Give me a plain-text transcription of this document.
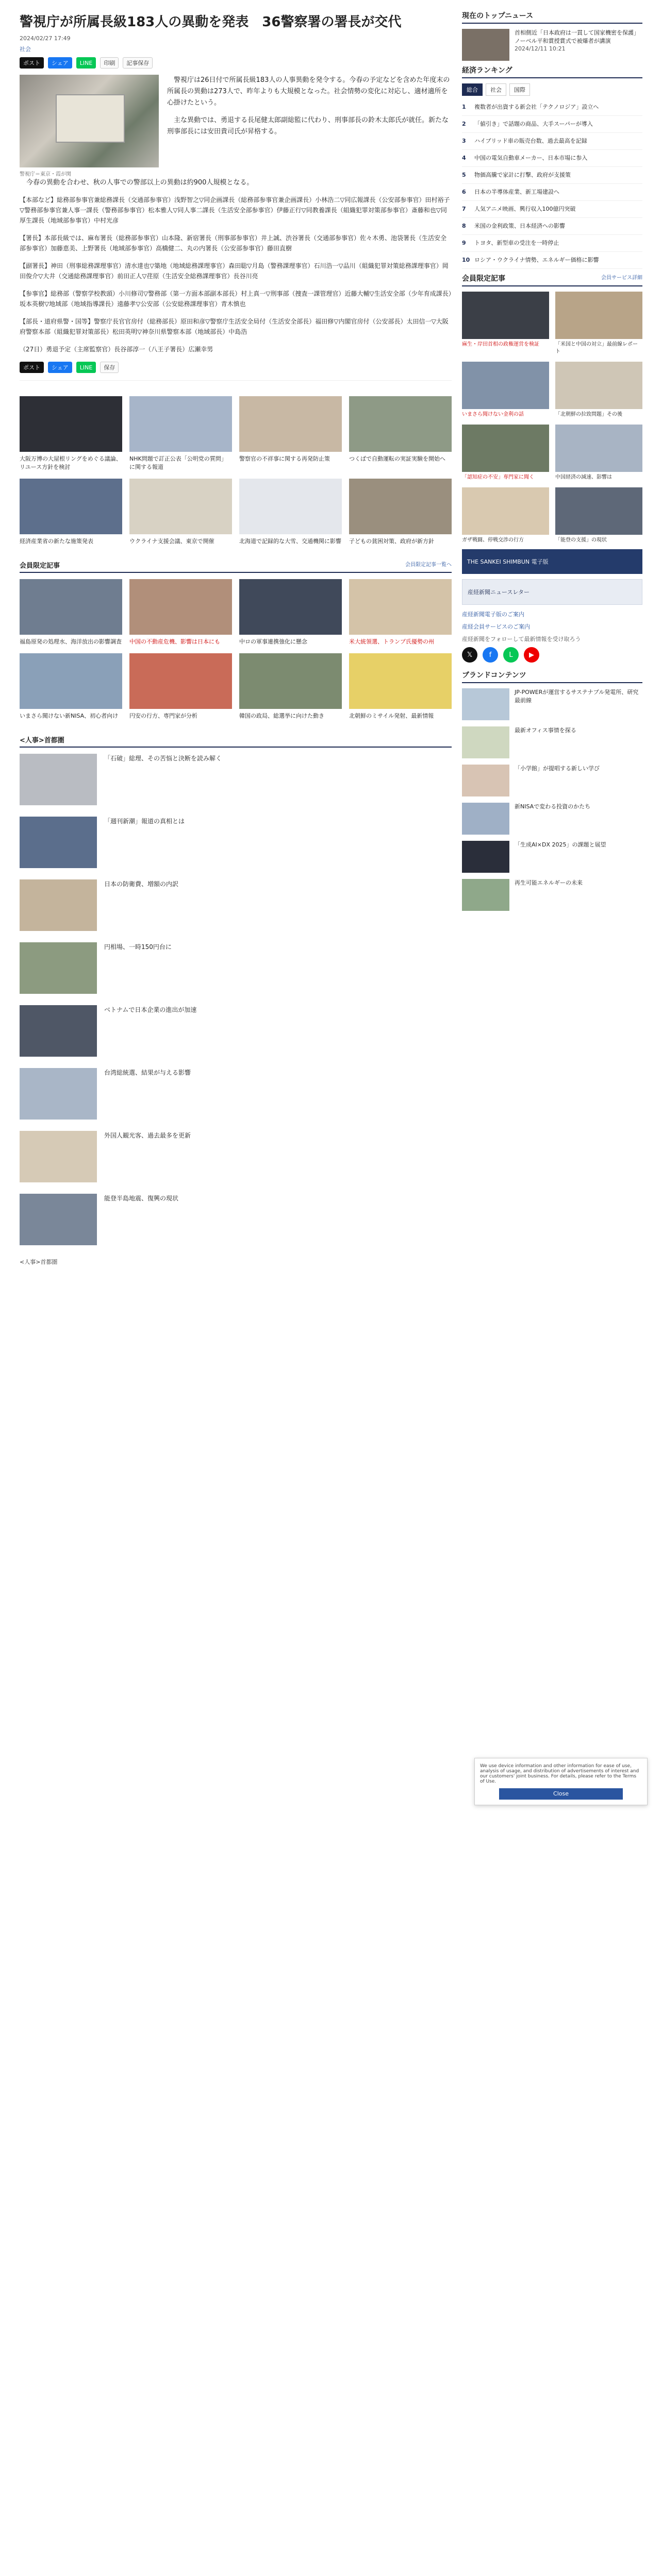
警視庁が所属長級183人の異動を発表　36警察署の署長が交代
2024/02/27 17:49
社会
ポスト	シェア	LINE	印刷	記事保存
警視庁＝東京・霞が関

警視庁は26日付で所属長級183人の人事異動を発令する。今春の予定などを含めた年度末の所属長の異動は273人で、昨年よりも大規模となった。社会情勢の変化に対応し、適材適所を心掛けたという。

主な異動では、勇退する長尾健太郎副総監に代わり、刑事部長の鈴木太郎氏が就任。新たな刑事部長には安田貴司氏が昇格する。

今春の異動を合わせ、秋の人事での警部以上の異動は約900人規模となる。

【本部など】総務部参事官兼総務課長（交通部参事官）浅野智之▽同企画課長（総務部参事官兼企画課長）小林浩二▽同広報課長（公安部参事官）田村裕子▽警務部参事官兼人事一課長（警務部参事官）松本雅人▽同人事二課長（生活安全部参事官）伊藤正行▽同教養課長（組織犯罪対策部参事官）斎藤和也▽同厚生課長（地域部参事官）中村光彦

【署長】本部長級では、麻布署長（総務部参事官）山本隆、新宿署長（刑事部参事官）井上誠、渋谷署長（交通部参事官）佐々木勇、池袋署長（生活安全部参事官）加藤恵美、上野署長（地域部参事官）高橋健二、丸の内署長（公安部参事官）藤田直樹

【副署長】神田（刑事総務課理事官）清水達也▽築地（地域総務課理事官）森田聡▽月島（警務課理事官）石川浩一▽品川（組織犯罪対策総務課理事官）岡田俊介▽大井（交通総務課理事官）前田正人▽荏原（生活安全総務課理事官）長谷川亮

【参事官】総務部（警察学校教頭）小川修司▽警務部（第一方面本部副本部長）村上真一▽刑事部（捜査一課管理官）近藤大輔▽生活安全部（少年育成課長）坂本英樹▽地域部（地域指導課長）遠藤孝▽公安部（公安総務課理事官）青木慎也

【部長・道府県警・国等】警察庁長官官房付（総務部長）原田和彦▽警察庁生活安全局付（生活安全部長）福田修▽内閣官房付（公安部長）太田信一▽大阪府警察本部（組織犯罪対策部長）松田英明▽神奈川県警察本部（地域部長）中島浩

（27日）勇退予定（主席監察官）長谷部淳一（八王子署長）広瀬幸男

ポスト	シェア	LINE	保存
大阪万博の大屋根リングをめぐる議論、リユース方針を検討
NHK問題で訂正公表「公明党の質問」に関する報道
警察官の不祥事に関する再発防止策	つくばで自動運転の実証実験を開始へ
経済産業省の新たな施策発表	ウクライナ支援会議、東京で開催	北海道で記録的な大雪、交通機関に影響 子どもの貧困対策、政府が新方針
会員限定記事	会員限定記事一覧へ
福島原発の処理水、海洋放出の影響調査 中国の不動産危機、影響は日本にも	中ロの軍事連携強化に懸念	米大統領選、トランプ氏優勢の州
いまさら聞けない新NISA、初心者向け	円安の行方、専門家が分析	韓国の政局、総選挙に向けた動き	北朝鮮のミサイル発射、最新情報
<人事>首都圏
「石破」総理、その苦悩と決断を読み解く
「週刊新潮」報道の真相とは
日本の防衛費、増額の内訳
円相場、一時150円台に
ベトナムで日本企業の進出が加速
台湾総統選、結果が与える影響
外国人観光客、過去最多を更新
能登半島地震、復興の現状
<人事>首都圏
現在のトップニュース
首相側近「日本政府は一貫して国家機密を保護」ノーベル平和賞授賞式で被爆者が講演
2024/12/11 10:21
経済ランキング
総合	社会	国際
1	複数者が出資する新会社「テクノロジア」設立へ
2	「値引き」で話題の商品、大手スーパーが導入
3	ハイブリッド車の販売台数、過去最高を記録
4	中国の電気自動車メーカー、日本市場に参入
5	物価高騰で家計に打撃、政府が支援策
6	日本の半導体産業、新工場建設へ
7	人気アニメ映画、興行収入100億円突破
8	米国の金利政策、日本経済への影響
9	トヨタ、新型車の受注を一時停止
10 ロシア・ウクライナ情勢、エネルギー価格に影響
会員限定記事	会員サービス詳細
麻生・岸田首相の政権運営を検証	「米国と中国の対立」最前線レポート
いまさら聞けない金利の話	「北朝鮮の拉致問題」その後
「認知症の不安」専門家に聞く	中国経済の減速、影響は
ガザ戦闘、停戦交渉の行方	「能登の支援」の現状
THE SANKEI SHIMBUN 電子版
産経新聞ニュースレター
産経新聞電子版のご案内
産経会員サービスのご案内
産経新聞をフォローして最新情報を受け取ろう
𝕏	f	L	▶
ブランドコンテンツ
JP-POWERが運営するサステナブル発電所、研究最前線
最新オフィス事情を探る
「小学館」が提唱する新しい学び
新NISAで変わる投資のかたち
「生成AI×DX 2025」の課題と展望
再生可能エネルギーの未来
We use device information and other information for ease of use, analysis of usage, and distribution of advertisements of interest and our customers' joint business. For details, please refer to the Terms of Use.
Close
